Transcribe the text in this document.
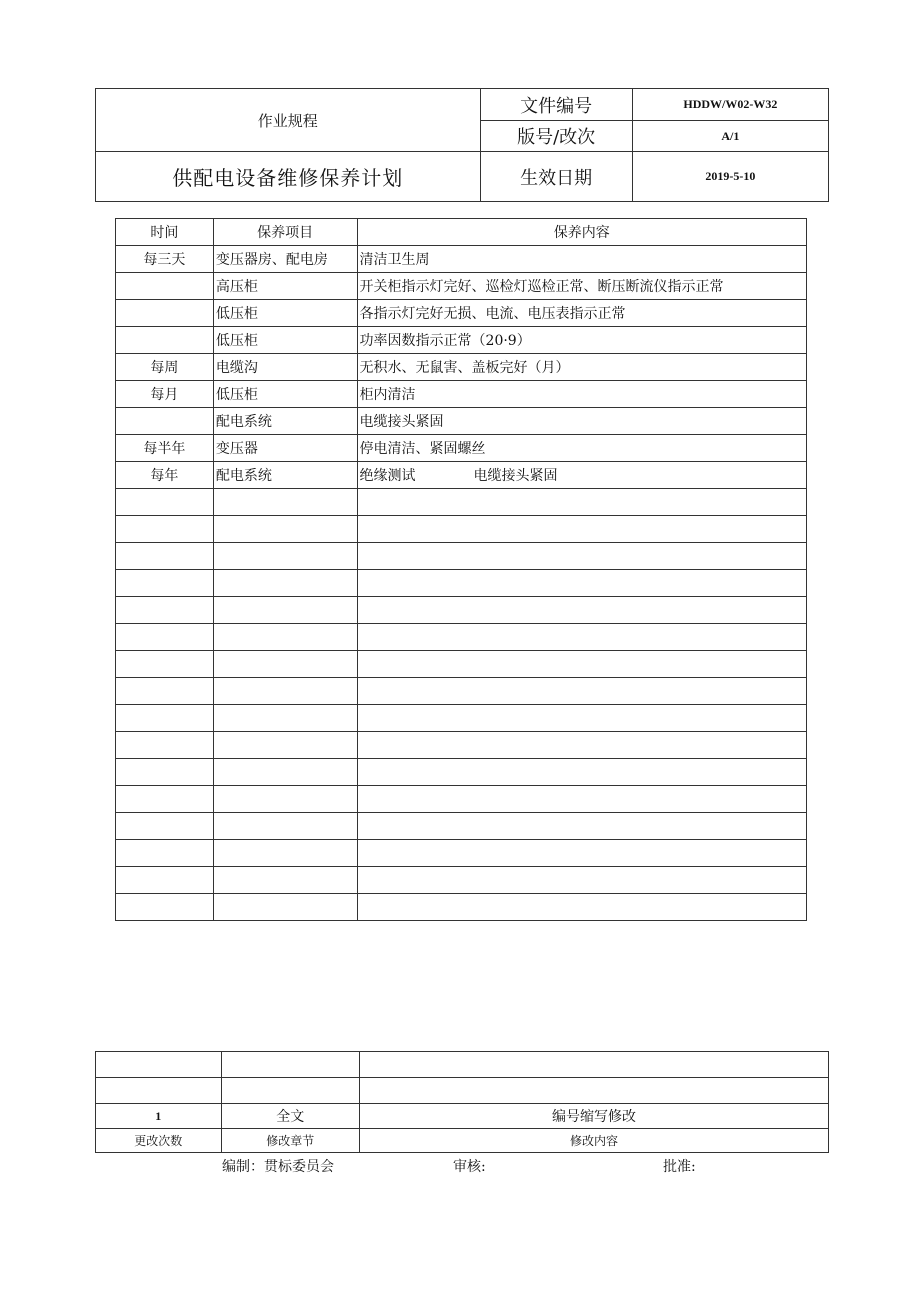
作业规程	文件编号	HDDW/W02-W32
	版号/改次	A/1
供配电设备维修保养计划	生效日期	2019-5-10
时间	保养项目	保养内容
每三天	变压器房、配电房	清洁卫生周
	高压柜	开关柜指示灯完好、巡检灯巡检正常、断压断流仪指示正常
	低压柜	各指示灯完好无损、电流、电压表指示正常
	低压柜	功率因数指示正常（20·9）
每周	电缆沟	无积水、无鼠害、盖板完好（月）
每月	低压柜	柜内清洁
	配电系统	电缆接头紧固
每半年	变压器	停电清洁、紧固螺丝
每年	配电系统	绝缘测试 电缆接头紧固

1	全文	编号缩写修改
更改次数	修改章节	修改内容
编制：贯标委员会	审核:	批准:
